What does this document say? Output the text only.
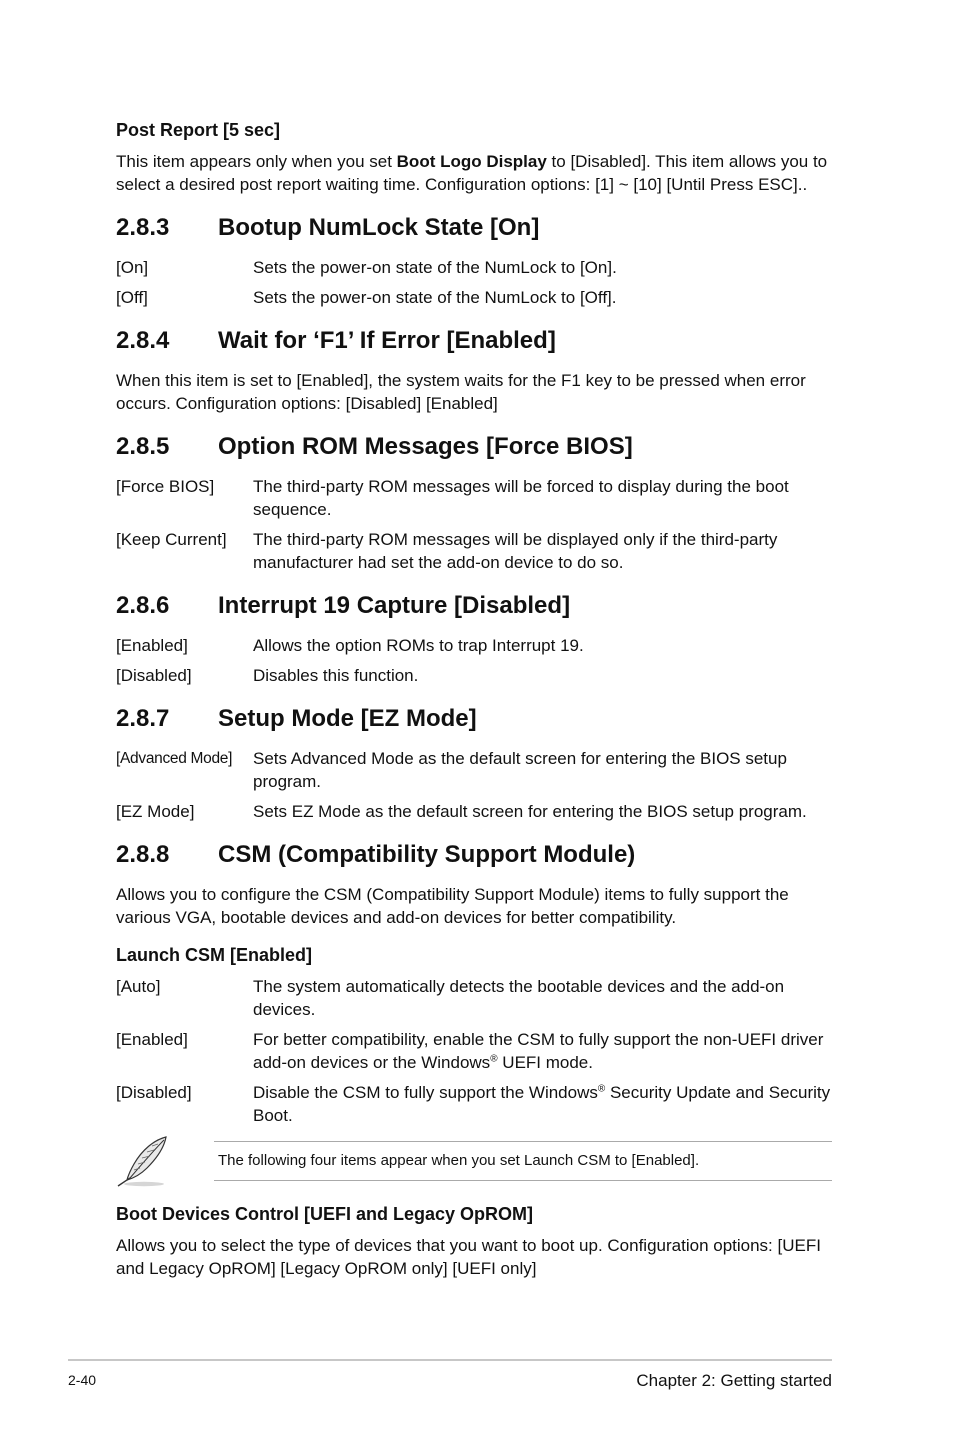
Post Report [5 sec]

This item appears only when you set Boot Logo Display to [Disabled]. This item allows you to select a desired post report waiting time. Configuration options: [1] ~ [10] [Until Press ESC]..

2.8.3	Bootup NumLock State [On]
[On]	Sets the power-on state of the NumLock to [On].
[Off]	Sets the power-on state of the NumLock to [Off].
2.8.4	Wait for ‘F1’ If Error [Enabled]

When this item is set to [Enabled], the system waits for the F1 key to be pressed when error occurs. Configuration options: [Disabled] [Enabled]

2.8.5	Option ROM Messages [Force BIOS]
[Force BIOS]	The third-party ROM messages will be forced to display during the boot sequence.
[Keep Current]	The third-party ROM messages will be displayed only if the third-party manufacturer had set the add-on device to do so.
2.8.6	Interrupt 19 Capture [Disabled]
[Enabled]	Allows the option ROMs to trap Interrupt 19.
[Disabled]	Disables this function.
2.8.7	Setup Mode [EZ Mode]
[Advanced Mode]	Sets Advanced Mode as the default screen for entering the BIOS setup program.
[EZ Mode]	Sets EZ Mode as the default screen for entering the BIOS setup program.
2.8.8	CSM (Compatibility Support Module)

Allows you to configure the CSM (Compatibility Support Module) items to fully support the various VGA, bootable devices and add-on devices for better compatibility.

Launch CSM [Enabled]
[Auto]	The system automatically detects the bootable devices and the add-on devices.
[Enabled]	For better compatibility, enable the CSM to fully support the non-UEFI driver add-on devices or the Windows® UEFI mode.
[Disabled]	Disable the CSM to fully support the Windows® Security Update and Security Boot.
The following four items appear when you set Launch CSM to [Enabled].
Boot Devices Control [UEFI and Legacy OpROM]

Allows you to select the type of devices that you want to boot up. Configuration options: [UEFI and Legacy OpROM] [Legacy OpROM only] [UEFI only]

2-40	Chapter 2: Getting started
